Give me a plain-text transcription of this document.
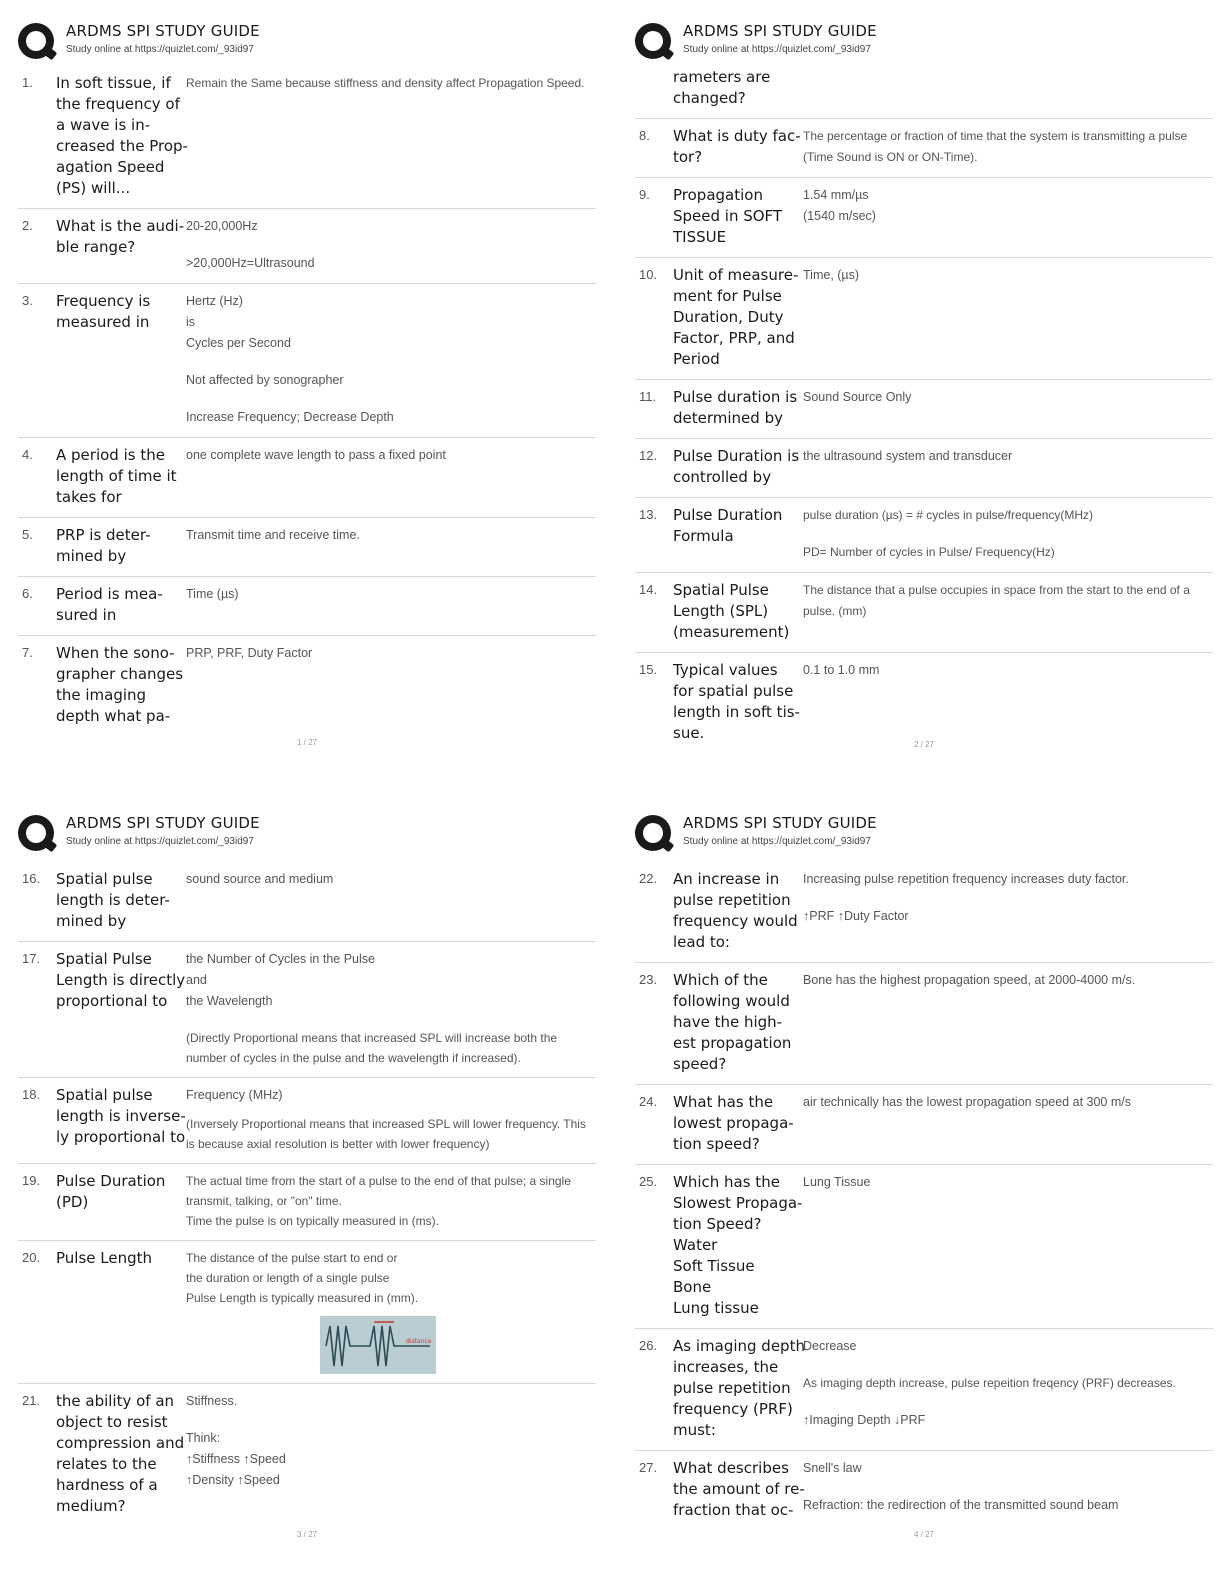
ARDMS SPI STUDY GUIDE
Study online at https://quizlet.com/_93id97
1.	In soft tissue, if
the frequency of
a wave is in-
creased the Prop-
agation Speed
(PS) will...

Remain the Same because stiffness and density affect Propagation Speed.

2.	What is the audi-
ble range?

20-20,000Hz

>20,000Hz=Ultrasound

3.	Frequency is
measured in

Hertz (Hz)

is

Cycles per Second

Not affected by sonographer

Increase Frequency; Decrease Depth

4.	A period is the
length of time it
takes for

one complete wave length to pass a fixed point

5.	PRP is deter-
mined by

Transmit time and receive time.

6.	Period is mea-
sured in

Time (µs)

7.	When the sono-
grapher changes
the imaging
depth what pa-

PRP, PRF, Duty Factor

1 / 27
ARDMS SPI STUDY GUIDE
Study online at https://quizlet.com/_93id97
rameters are
changed?
8.	What is duty fac-
tor?

The percentage or fraction of time that the system is transmitting a pulse (Time Sound is ON or ON-Time).

9.	Propagation
Speed in SOFT
TISSUE

1.54 mm/µs

(1540 m/sec)

10.	Unit of measure-
ment for Pulse
Duration, Duty
Factor, PRP, and
Period

Time, (µs)

11.	Pulse duration is
determined by

Sound Source Only

12.	Pulse Duration is
controlled by

the ultrasound system and transducer

13.	Pulse Duration
Formula

pulse duration (µs) = # cycles in pulse/frequency(MHz)

PD= Number of cycles in Pulse/ Frequency(Hz)

14.	Spatial Pulse
Length (SPL)
(measurement)

The distance that a pulse occupies in space from the start to the end of a pulse. (mm)

15.	Typical values
for spatial pulse
length in soft tis-
sue.

0.1 to 1.0 mm

2 / 27
ARDMS SPI STUDY GUIDE
Study online at https://quizlet.com/_93id97
16.	Spatial pulse
length is deter-
mined by

sound source and medium

17.	Spatial Pulse
Length is directly
proportional to

the Number of Cycles in the Pulse

and

the Wavelength

(Directly Proportional means that increased SPL will increase both the number of cycles in the pulse and the wavelength if increased).

18.	Spatial pulse
length is inverse-
ly proportional to

Frequency (MHz)

(Inversely Proportional means that increased SPL will lower frequency. This is because axial resolution is better with lower frequency)

19.	Pulse Duration
(PD)

The actual time from the start of a pulse to the end of that pulse; a single transmit, talking, or "on" time.

Time the pulse is on typically measured in (ms).

20.	Pulse Length	The distance of the pulse start to end or the duration or length of a single pulse

Pulse Length is typically measured in (mm).

distance
21.	the ability of an
object to resist
compression and
relates to the
hardness of a
medium?

Stiffness.

Think:

↑Stiffness ↑Speed

↑Density ↑Speed

3 / 27
ARDMS SPI STUDY GUIDE
Study online at https://quizlet.com/_93id97
22.	An increase in
pulse repetition
frequency would
lead to:

Increasing pulse repetition frequency increases duty factor.

↑PRF ↑Duty Factor

23.	Which of the
following would
have the high-
est propagation
speed?

Bone has the highest propagation speed, at 2000-4000 m/s.

24.	What has the
lowest propaga-
tion speed?

air technically has the lowest propagation speed at 300 m/s

25.	Which has the
Slowest Propaga-
tion Speed?
Water
Soft Tissue
Bone
Lung tissue

Lung Tissue

26.	As imaging depth
increases, the
pulse repetition
frequency (PRF)
must:

Decrease

As imaging depth increase, pulse repeition freqency (PRF) decreases.

↑Imaging Depth ↓PRF

27.	What describes
the amount of re-
fraction that oc-

Snell's law

Refraction: the redirection of the transmitted sound beam

4 / 27
